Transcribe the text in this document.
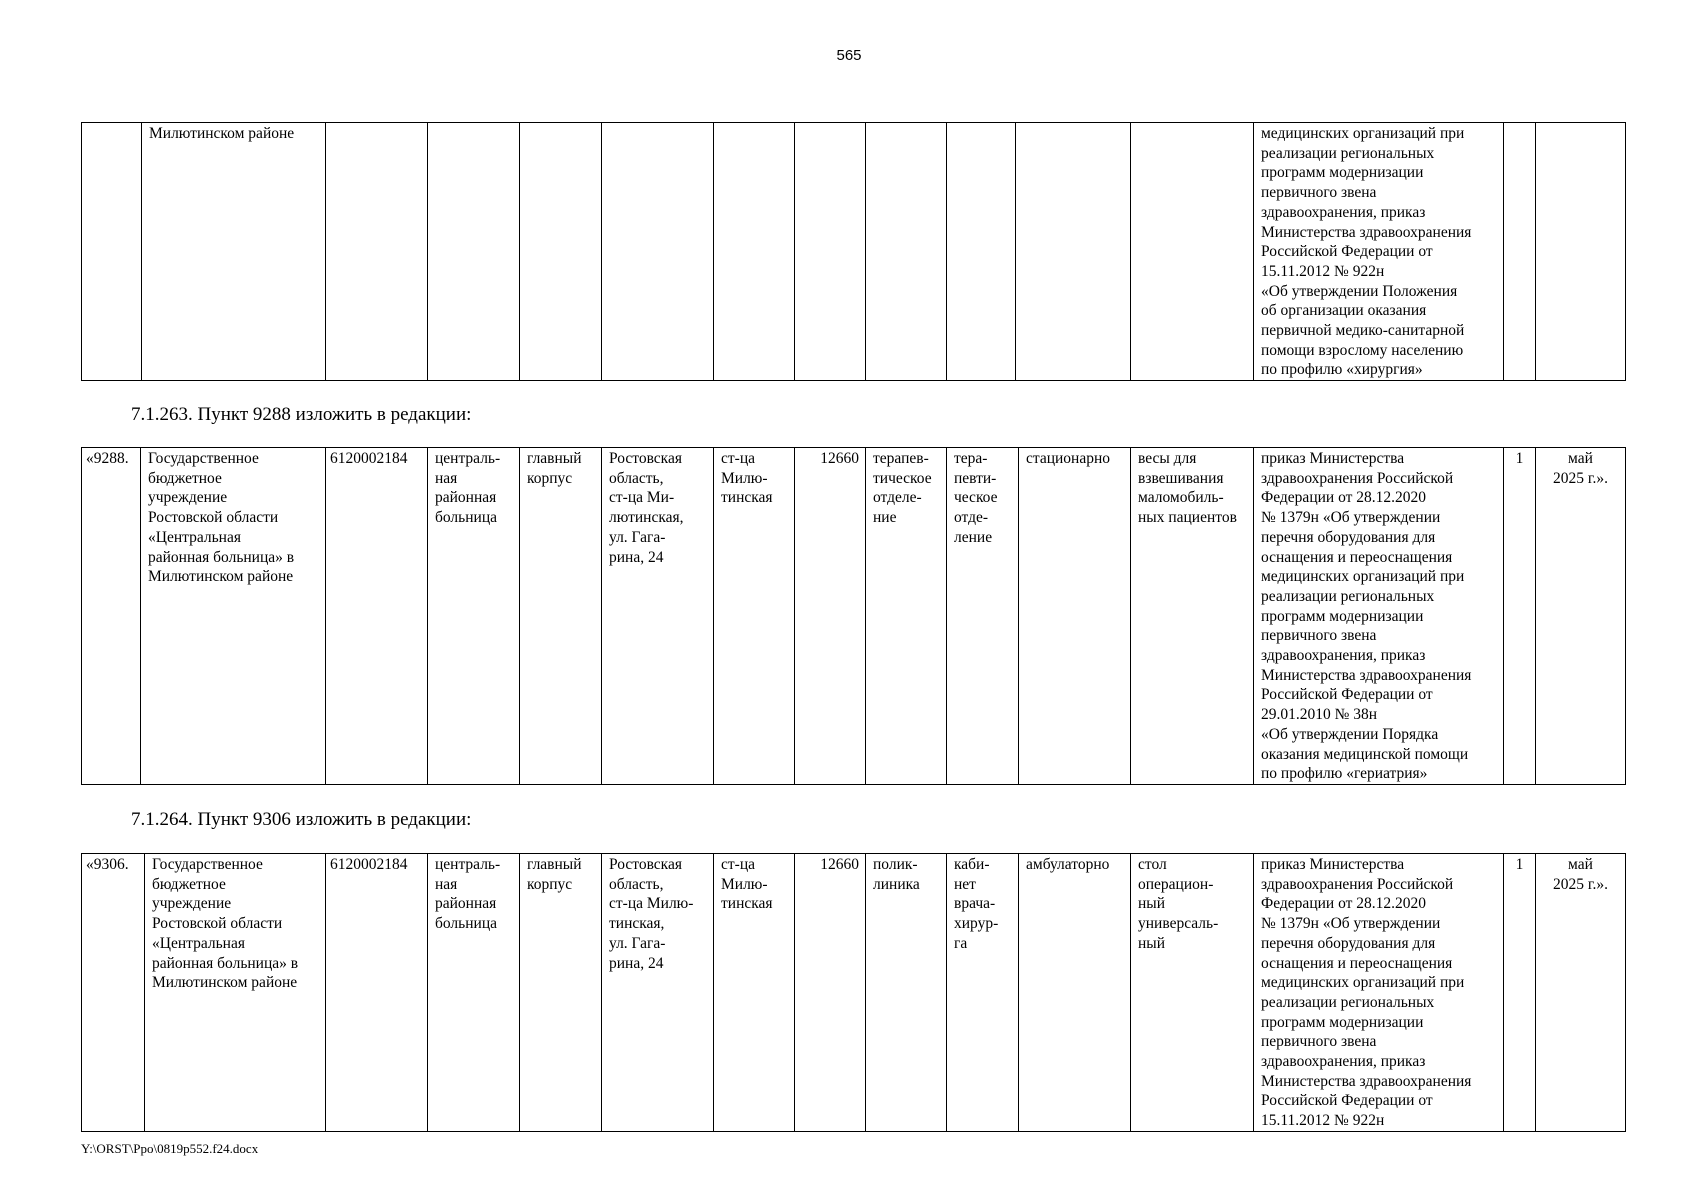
565
	Милютинском районе											медицинских организаций при
реализации региональных
программ модернизации
первичного звена
здравоохранения, приказ
Министерства здравоохранения
Российской Федерации от
15.11.2012 № 922н
«Об утверждении Положения
об организации оказания
первичной медико-санитарной
помощи взрослому населению
по профилю «хирургия»		
7.1.263. Пункт 9288 изложить в редакции:
«9288.	Государственное
бюджетное
учреждение
Ростовской области
«Центральная
районная больница» в
Милютинском районе	6120002184	централь-
ная
районная
больница	главный
корпус	Ростовская
область,
ст-ца Ми-
лютинская,
ул. Гага-
рина, 24	ст-ца
Милю-
тинская	12660	терапев-
тическое
отделе-
ние	тера-
певти-
ческое
отде-
ление	стационарно	весы для
взвешивания
маломобиль-
ных пациентов	приказ Министерства
здравоохранения Российской
Федерации от 28.12.2020
№ 1379н «Об утверждении
перечня оборудования для
оснащения и переоснащения
медицинских организаций при
реализации региональных
программ модернизации
первичного звена
здравоохранения, приказ
Министерства здравоохранения
Российской Федерации от
29.01.2010 № 38н
«Об утверждении Порядка
оказания медицинской помощи
по профилю «гериатрия»	1	май
2025 г.».
7.1.264. Пункт 9306 изложить в редакции:
«9306.	Государственное
бюджетное
учреждение
Ростовской области
«Центральная
районная больница» в
Милютинском районе	6120002184	централь-
ная
районная
больница	главный
корпус	Ростовская
область,
ст-ца Милю-
тинская,
ул. Гага-
рина, 24	ст-ца
Милю-
тинская	12660	полик-
линика	каби-
нет
врача-
хирур-
га	амбулаторно	стол
операцион-
ный
универсаль-
ный	приказ Министерства
здравоохранения Российской
Федерации от 28.12.2020
№ 1379н «Об утверждении
перечня оборудования для
оснащения и переоснащения
медицинских организаций при
реализации региональных
программ модернизации
первичного звена
здравоохранения, приказ
Министерства здравоохранения
Российской Федерации от
15.11.2012 № 922н	1	май
2025 г.».
Y:\ORST\Ppo\0819p552.f24.docx
